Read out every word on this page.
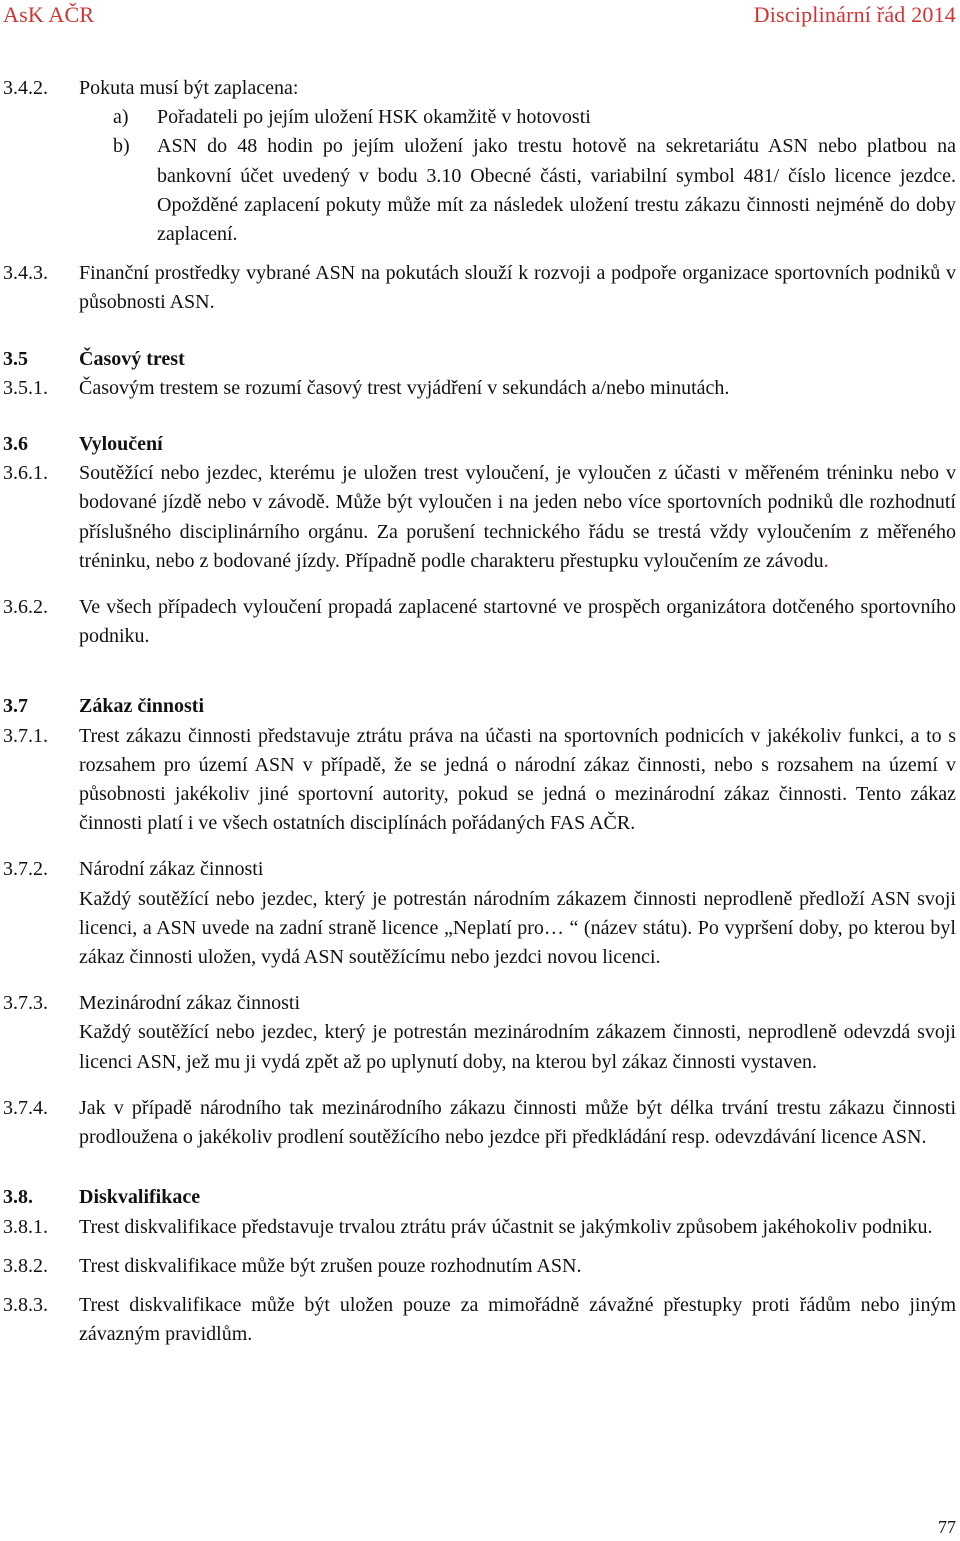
AsK AČR	Disciplinární řád 2014
3.4.2. Pokuta musí být zaplacena:
a) Pořadateli po jejím uložení HSK okamžitě v hotovosti
b) ASN do 48 hodin po jejím uložení jako trestu hotově na sekretariátu ASN nebo platbou na bankovní účet uvedený v bodu 3.10 Obecné části, variabilní symbol 481/ číslo licence jezdce. Opožděné zaplacení pokuty může mít za následek uložení trestu zákazu činnosti nejméně do doby zaplacení.
3.4.3. Finanční prostředky vybrané ASN na pokutách slouží k rozvoji a podpoře organizace sportovních podniků v působnosti ASN.
3.5	Časový trest
3.5.1. Časovým trestem se rozumí časový trest vyjádření v sekundách a/nebo minutách.
3.6	Vyloučení
3.6.1. Soutěžící nebo jezdec, kterému je uložen trest vyloučení, je vyloučen z účasti v měřeném tréninku nebo v bodované jízdě nebo v závodě. Může být vyloučen i na jeden nebo více sportovních podniků dle rozhodnutí příslušného disciplinárního orgánu. Za porušení technického řádu se trestá vždy vyloučením z měřeného tréninku, nebo z bodované jízdy. Případně podle charakteru přestupku vyloučením ze závodu.
3.6.2. Ve všech případech vyloučení propadá zaplacené startovné ve prospěch organizátora dotčeného sportovního podniku.
3.7	Zákaz činnosti
3.7.1. Trest zákazu činnosti představuje ztrátu práva na účasti na sportovních podnicích v jakékoliv funkci, a to s rozsahem pro území ASN v případě, že se jedná o národní zákaz činnosti, nebo s rozsahem na území v působnosti jakékoliv jiné sportovní autority, pokud se jedná o mezinárodní zákaz činnosti. Tento zákaz činnosti platí i ve všech ostatních disciplínách pořádaných FAS AČR.
3.7.2. Národní zákaz činnosti
Každý soutěžící nebo jezdec, který je potrestán národním zákazem činnosti neprodleně předloží ASN svoji licenci, a ASN uvede na zadní straně licence „Neplatí pro… “ (název státu). Po vypršení doby, po kterou byl zákaz činnosti uložen, vydá ASN soutěžícímu nebo jezdci novou licenci.
3.7.3. Mezinárodní zákaz činnosti
Každý soutěžící nebo jezdec, který je potrestán mezinárodním zákazem činnosti, neprodleně odevzdá svoji licenci ASN, jež mu ji vydá zpět až po uplynutí doby, na kterou byl zákaz činnosti vystaven.
3.7.4. Jak v případě národního tak mezinárodního zákazu činnosti může být délka trvání trestu zákazu činnosti prodloužena o jakékoliv prodlení soutěžícího nebo jezdce při předkládání resp. odevzdávání licence ASN.
3.8. Diskvalifikace
3.8.1. Trest diskvalifikace představuje trvalou ztrátu práv účastnit se jakýmkoliv způsobem jakéhokoliv podniku.
3.8.2. Trest diskvalifikace může být zrušen pouze rozhodnutím ASN.
3.8.3. Trest diskvalifikace může být uložen pouze za mimořádně závažné přestupky proti řádům nebo jiným závazným pravidlům.
77
